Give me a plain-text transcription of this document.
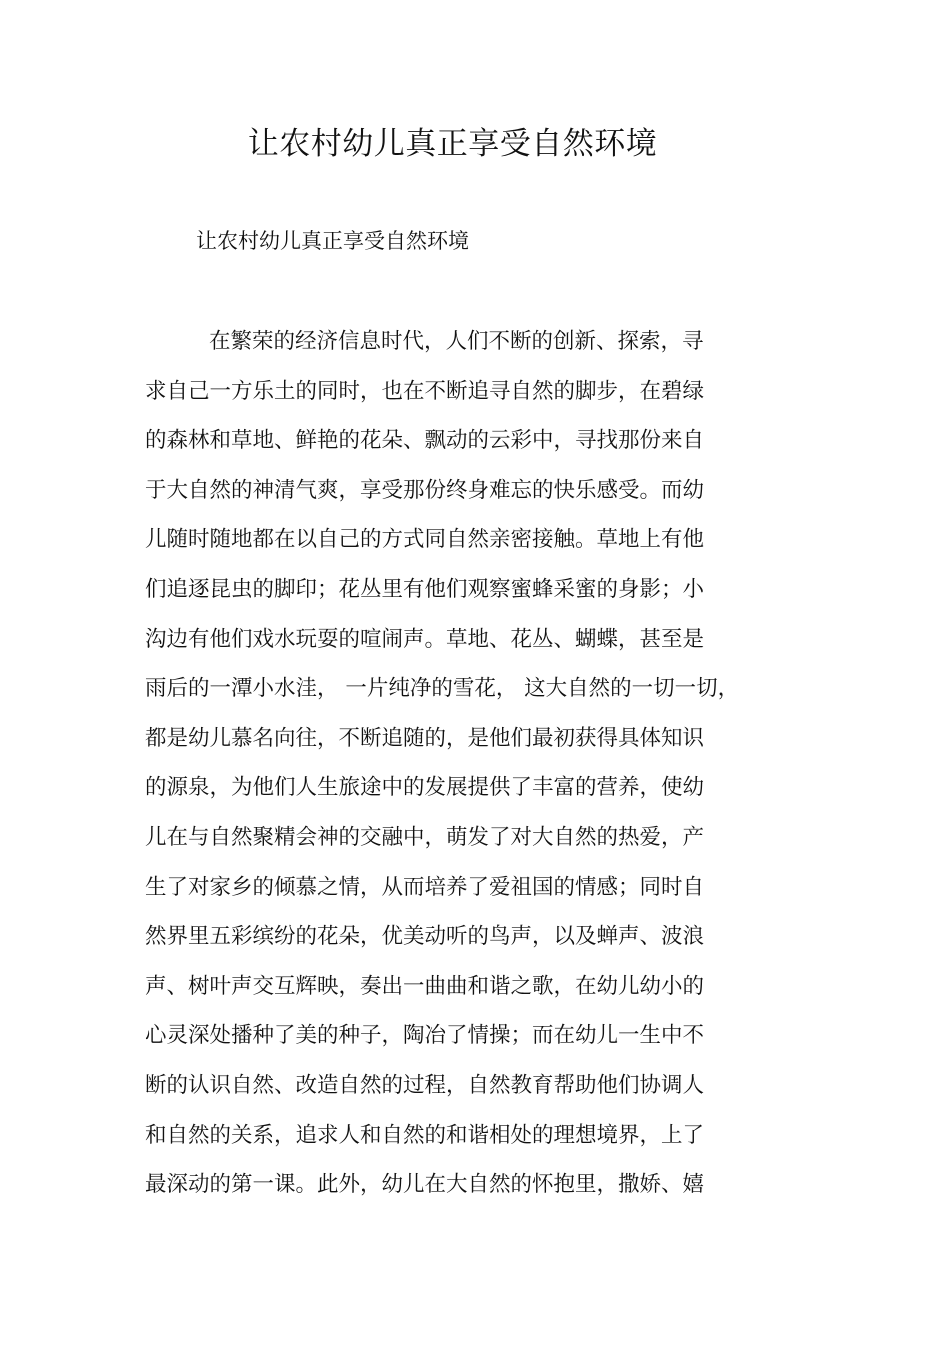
让农村幼儿真正享受自然环境

让农村幼儿真正享受自然环境

在繁荣的经济信息时代，人们不断的创新、探索，寻
求自己一方乐土的同时，也在不断追寻自然的脚步，在碧绿
的森林和草地、鲜艳的花朵、飘动的云彩中，寻找那份来自
于大自然的神清气爽，享受那份终身难忘的快乐感受。而幼
儿随时随地都在以自己的方式同自然亲密接触。草地上有他
们追逐昆虫的脚印；花丛里有他们观察蜜蜂采蜜的身影；小
沟边有他们戏水玩耍的喧闹声。草地、花丛、蝴蝶，甚至是
雨后的一潭小水洼， 一片纯净的雪花， 这大自然的一切一切，
都是幼儿慕名向往，不断追随的，是他们最初获得具体知识
的源泉，为他们人生旅途中的发展提供了丰富的营养，使幼
儿在与自然聚精会神的交融中，萌发了对大自然的热爱，产
生了对家乡的倾慕之情，从而培养了爱祖国的情感；同时自
然界里五彩缤纷的花朵，优美动听的鸟声，以及蝉声、波浪
声、树叶声交互辉映，奏出一曲曲和谐之歌，在幼儿幼小的
心灵深处播种了美的种子，陶冶了情操；而在幼儿一生中不
断的认识自然、改造自然的过程，自然教育帮助他们协调人
和自然的关系，追求人和自然的和谐相处的理想境界，上了
最深动的第一课。此外，幼儿在大自然的怀抱里，撒娇、嬉
